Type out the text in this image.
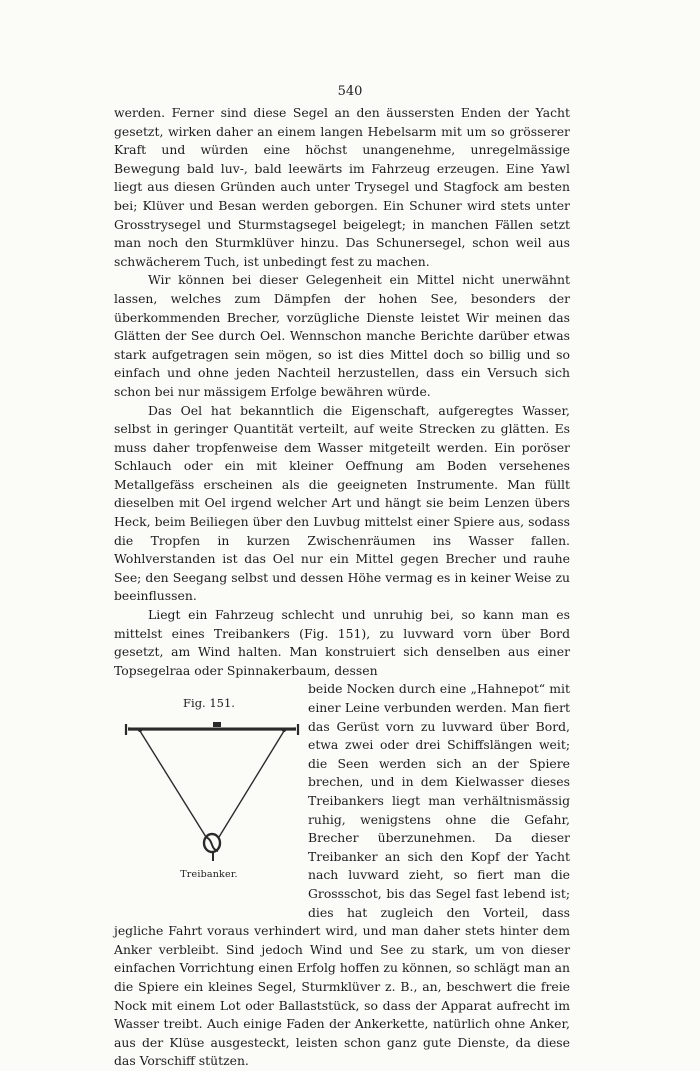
540

werden. Ferner sind diese Segel an den äussersten Enden der Yacht gesetzt, wirken daher an einem langen Hebelsarm mit um so grösserer Kraft und würden eine höchst unangenehme, unregelmässige Bewegung bald luv-, bald leewärts im Fahrzeug erzeugen. Eine Yawl liegt aus diesen Gründen auch unter Trysegel und Stagfock am besten bei; Klüver und Besan werden geborgen. Ein Schuner wird stets unter Grosstrysegel und Sturmstagsegel beigelegt; in manchen Fällen setzt man noch den Sturmklüver hinzu. Das Schunersegel, schon weil aus schwächerem Tuch, ist unbedingt fest zu machen.

Wir können bei dieser Gelegenheit ein Mittel nicht unerwähnt lassen, welches zum Dämpfen der hohen See, besonders der überkommenden Brecher, vorzügliche Dienste leistet Wir meinen das Glätten der See durch Oel. Wennschon manche Berichte darüber etwas stark aufgetragen sein mögen, so ist dies Mittel doch so billig und so einfach und ohne jeden Nachteil herzustellen, dass ein Versuch sich schon bei nur mässigem Erfolge bewähren würde.

Das Oel hat bekanntlich die Eigenschaft, aufgeregtes Wasser, selbst in geringer Quantität verteilt, auf weite Strecken zu glätten. Es muss daher tropfenweise dem Wasser mitgeteilt werden. Ein poröser Schlauch oder ein mit kleiner Oeffnung am Boden versehenes Metallgefäss erscheinen als die geeigneten Instrumente. Man füllt dieselben mit Oel irgend welcher Art und hängt sie beim Lenzen übers Heck, beim Beiliegen über den Luvbug mittelst einer Spiere aus, sodass die Tropfen in kurzen Zwischenräumen ins Wasser fallen. Wohlverstanden ist das Oel nur ein Mittel gegen Brecher und rauhe See; den Seegang selbst und dessen Höhe vermag es in keiner Weise zu beeinflussen.

Liegt ein Fahrzeug schlecht und unruhig bei, so kann man es mittelst eines Treibankers (Fig. 151), zu luvward vorn über Bord gesetzt, am Wind halten. Man konstruiert sich denselben aus einer Topsegelraa oder Spinnakerbaum, dessen

Fig. 151.
Treibanker.

beide Nocken durch eine „Hahnepot“ mit einer Leine verbunden werden. Man fiert das Gerüst vorn zu luvward über Bord, etwa zwei oder drei Schiffslängen weit; die Seen werden sich an der Spiere brechen, und in dem Kielwasser dieses Treibankers liegt man verhältnismässig ruhig, wenigstens ohne die Gefahr, Brecher überzunehmen. Da dieser Treibanker an sich den Kopf der Yacht nach luvward zieht, so fiert man die Grossschot, bis das Segel fast lebend ist; dies hat zugleich den Vorteil, dass jegliche Fahrt voraus verhindert wird, und man daher stets hinter dem Anker verbleibt. Sind jedoch Wind und See zu stark, um von dieser einfachen Vorrichtung einen Erfolg hoffen zu können, so schlägt man an die Spiere ein kleines Segel, Sturmklüver z. B., an, beschwert die freie Nock mit einem Lot oder Ballaststück, so dass der Apparat aufrecht im Wasser treibt. Auch einige Faden der Ankerkette, natürlich ohne Anker, aus der Klüse ausgesteckt, leisten schon ganz gute Dienste, da diese das Vorschiff stützen.
